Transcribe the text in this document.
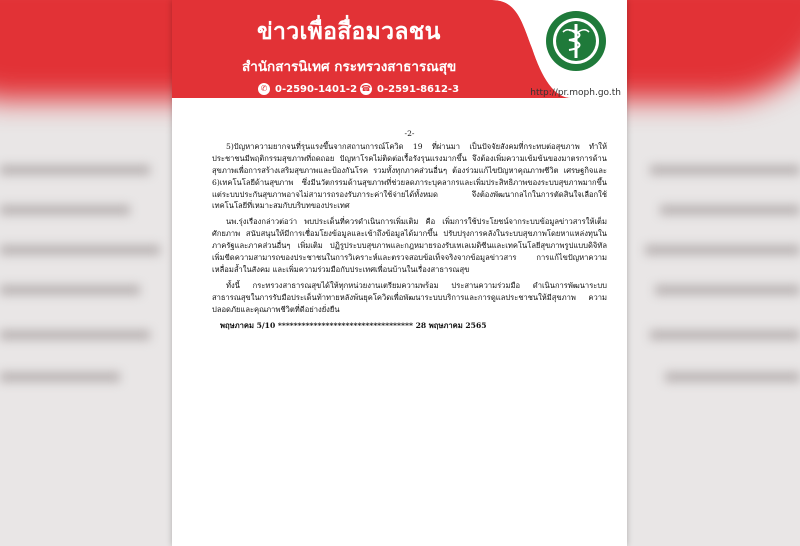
ข่าวเพื่อสื่อมวลชน
สำนักสารนิเทศ กระทรวงสาธารณสุข
✆ 0-2590-1401-2 ☎ 0-2591-8612-3	http://pr.moph.go.th
-2-

5)ปัญหาความยากจนที่รุนแรงขึ้นจากสถานการณ์โควิด 19 ที่ผ่านมา เป็นปัจจัยสังคมที่กระทบต่อสุขภาพ ทำให้ประชาชนมีพฤติกรรมสุขภาพที่ถดถอย ปัญหาโรคไม่ติดต่อเรื้อรังรุนแรงมากขึ้น จึงต้องเพิ่มความเข้มข้นของมาตรการด้านสุขภาพเพื่อการสร้างเสริมสุขภาพและป้องกันโรค รวมทั้งทุกภาคส่วนอื่นๆ ต้องร่วมแก้ไขปัญหาคุณภาพชีวิต เศรษฐกิจและ 6)เทคโนโลยีด้านสุขภาพ ซึ่งมีนวัตกรรมด้านสุขภาพที่ช่วยลดภาระบุคลากรและเพิ่มประสิทธิภาพของระบบสุขภาพมากขึ้น แต่ระบบประกันสุขภาพอาจไม่สามารถรองรับภาระค่าใช้จ่ายได้ทั้งหมด จึงต้องพัฒนากลไกในการตัดสินใจเลือกใช้เทคโนโลยีที่เหมาะสมกับบริบทของประเทศ

นพ.รุ่งเรืองกล่าวต่อว่า พบประเด็นที่ควรดำเนินการเพิ่มเติม คือ เพิ่มการใช้ประโยชน์จากระบบข้อมูลข่าวสารให้เต็มศักยภาพ สนับสนุนให้มีการเชื่อมโยงข้อมูลและเข้าถึงข้อมูลได้มากขึ้น ปรับปรุงการคลังในระบบสุขภาพโดยหาแหล่งทุนในภาครัฐและภาคส่วนอื่นๆ เพิ่มเติม ปฏิรูประบบสุขภาพและกฎหมายรองรับเทเลเมดิซีนและเทคโนโลยีสุขภาพรูปแบบดิจิทัล เพิ่มขีดความสามารถของประชาชนในการวิเคราะห์และตรวจสอบข้อเท็จจริงจากข้อมูลข่าวสาร การแก้ไขปัญหาความเหลื่อมล้ำในสังคม และเพิ่มความร่วมมือกับประเทศเพื่อนบ้านในเรื่องสาธารณสุข

ทั้งนี้ กระทรวงสาธารณสุขได้ให้ทุกหน่วยงานเตรียมความพร้อม ประสานความร่วมมือ ดำเนินการพัฒนาระบบสาธารณสุขในการรับมือประเด็นท้าทายหลังพ้นยุคโควิดเพื่อพัฒนาระบบบริการและการดูแลประชาชนให้มีสุขภาพ ความปลอดภัยและคุณภาพชีวิตที่ดีอย่างยั่งยืน

พฤษภาคม 5/10 ********************************** 28 พฤษภาคม 2565
